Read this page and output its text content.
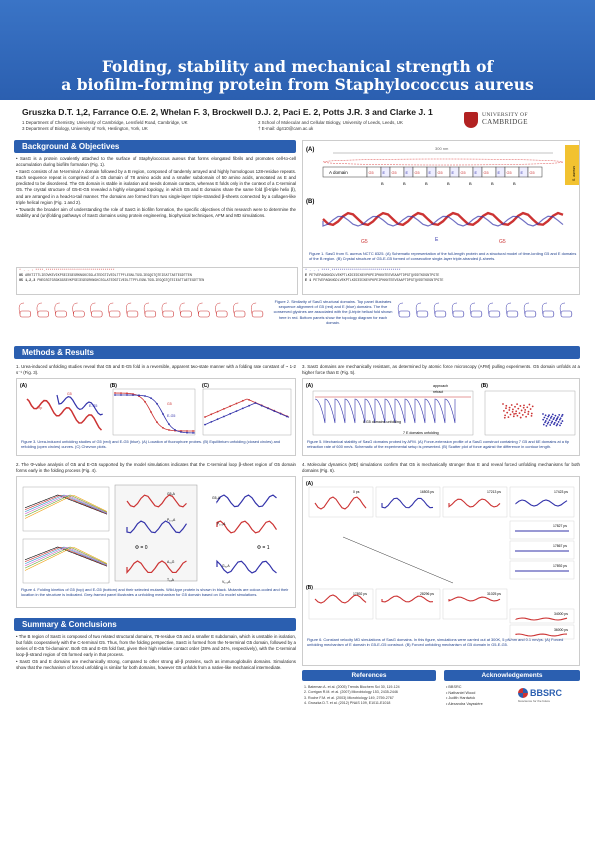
Folding, stability and mechanical strength of
a biofilm-forming protein from Staphylococcus aureus
Gruszka D.T. 1,2, Farrance O.E. 2, Whelan F. 3, Brockwell D.J. 2, Paci E. 2, Potts J.R. 3 and Clarke J. 1
1 Department of Chemistry, University of Cambridge, Lensfield Road, Cambridge, UK
3 Department of Biology, University of York, Heslington, York, UK
2 School of Molecular and Cellular Biology, University of Leeds, Leeds, UK
† E-mail: dg410@cam.ac.uk
UNIVERSITY OF
CAMBRIDGE
Background & Objectives

• SasG is a protein covalently attached to the surface of Staphylococcus aureus that forms elongated fibrils and promotes cell-to-cell accumulation during biofilm formation (Fig. 1).

• SasG consists of an N-terminal A domain followed by a B region, composed of tandemly arrayed and highly homologous 128-residue repeats. Each sequence repeat is comprised of a G5 domain of 78 amino acids and a smaller subdomain of 50 amino acids, annotated as E and predicted to be disordered. The G5 domain is stable in isolation and needs domain contacts, whereas E folds only in the context of a C-terminal G5. The crystal structure of G5-E-G5 revealed a highly elongated topology, in which G5 and E domains share the same fold (β-triple helix β), and are arranged in a head-to-tail manner. The domains are formed from two single-layer triple-stranded β-sheets connected by a collagen-like triple helical region (Fig. 1 and 2).

• Towards the broader aim of understanding the role of SasG in biofilm formation, the specific objectives of this research were to determine the stability and (un)folding pathways of SasG domains using protein engineering, biophysical techniques, AFM and MD simulations.

(A)	300 nm
S. aureus
A domain	G5 E G5 E G5 E G5 E G5 E G5 E G5 E G5
B	B	B	B	B	B	B
(B)
G5	E	G5
Figure 1. SasG from S. aureus NCTC 8325. (A) Schematic representation of the full-length protein and a structural model of time-lording G5 and E domains of the B region. (B) Crystal structure of G5-E-G5 formed of consecutive single-layer triple-stranded β-sheets.
* . . : ****.**********************************
G5 ARKTITTLIEDVKEVIKPSEIEGEGRKNGKCSGLATEDGTIVEDLTTPFLEGNLTGSLIEGQGTQTEIEATTAETEGDTTEN
G5 1,2,3 PNEGSGTGSGKGGSEVKPSEIEGEGRKNGKCSGLATEDGTIVEDLTTPFLEGNLTGSLIEGQGTQTEIEATTAETEGDTTEN
* . . : ****.**********************************
E PETVEPAGKNGDLVEKPTLKDIEDIKEVPKPEIPKKNTEEVEAAPTDPGTQVDDTKDGNTPGTE
E 1 PETVEPAGKNGDLVEKPTLKDIEDIKEVPKPEIPKKNTEEVEAAPTDPGTQVDDTKDGNTPGTE
Figure 2. Similarity of SasG structural domains. Top panel illustrates sequence alignment of G5 (red) and E (blue) domains. The five conserved glycines are associated with the β-triple helical fold shown here in red. Bottom panels show the topology diagram for each domain.
Methods & Results
1. Urea-induced unfolding studies reveal that G5 and E-G5 fold in a reversible, apparent two-state manner with a folding rate constant of ~ 1-2 s⁻¹ (Fig. 3).
3. SasG domains are mechanically resistant, as determined by atomic force microscopy (AFM) pulling experiments. G5 domain unfolds at a higher force than E (Fig. 5).
(A)	(B)	(C)
G5
E-G5
Trp
G5
E-G5
Figure 3. Urea-induced unfolding studies of G5 (red) and E-G5 (blue). (A) Location of fluorophore probes. (B) Equilibrium unfolding (closed circles) and refolding (open circles) curves. (C) Chevron plots.
(A)	(B)
approach
retract
8 G5 domains unfolding
7 E domains unfolding
Figure 5. Mechanical stability of SasG domains probed by AFM. (A) Force-extension profile of a SasG construct containing 7 G5 and 6E domains at a tip retraction rate of 600 nm/s. Schematic of the experimental setup is presented. (B) Scatter plot of force against the difference in contour length.
2. The Φ-value analysis of G5 and E-G5 supported by the model simulations indicates that the C-terminal loop β-sheet region of G5 domain forms early in the folding process (Fig. 4).
4. Molecular dynamics (MD) simulations confirm that G5 is mechanically stronger than E and reveal forced unfolding mechanisms for both domains (Fig. 6).
Φ = 0	Φ = 1
G5₁A
G5₂A
P₁₀₁A
P₁₀₂A
A₃₁G
G₃₂A
T₆₁A	V₁₀₂A
Figure 4. Folding kinetics of G5 (top) and E-G5 (bottom) and their selected mutants. Wild-type protein is shown in black. Mutants are colour-coded and their location in the structure is indicated. Grey-framed panel illustrates a unfolding mechanism for G5 domain based on Go model simulations.
(A)
(B)
0 ps	16503 ps	17213 ps	17423 ps
17827 ps
17867 ps
17892 ps
17892 ps	28296 ps	31025 ps
34000 ps
36000 ps
Figure 6. Constant velocity MD simulations of SasG domains. In this figure, simulations were carried out at 300K, 5 pN/nm and 0.1 nm/ps. (A) Forced unfolding mechanism of E domain in G5-E-G5 construct. (B) Forced unfolding mechanism of G5 domain in G5-E-G5.
Summary & Conclusions

• The B region of SasG is composed of two related structural domains, 78-residue G5 and a smaller E subdomain, which is unstable in isolation, but folds cooperatively with the C-terminal G5. Thus, from the folding perspective, SasG is formed from the N-terminal G5 domain, followed by a series of E-G5 'bi-domains'. Both G5 and E-G5 fold fast, given their high relative contact order (38% and 24%, respectively), with the C-terminal loop-β-strand region of G5 formed early in that process.

• SasG G5 and E domains are mechanically strong, compared to other strong all-β proteins, such as immunoglobulin domains. Simulations show that the mechanism of forced unfolding is similar for both domains, however G5 unfolds from a native-like mechanical intermediate.

References
1. Bateman A. et al. (2005) Trends Biochem Sci 30, 119-124
2. Corrigan R.M. et al. (2007) Microbiology 153, 2435-2446
3. Roche F.M. et al. (2003) Microbiology 149, 2759-2767
4. Gruszka D.T. et al. (2012) PNAS 109, E1011-E1018
Acknowledgements
• BBSRC
• Nathaniel Wood
• Judith Hardwick
• Alexandra Vayssière
BBSRC
bioscience for the future
